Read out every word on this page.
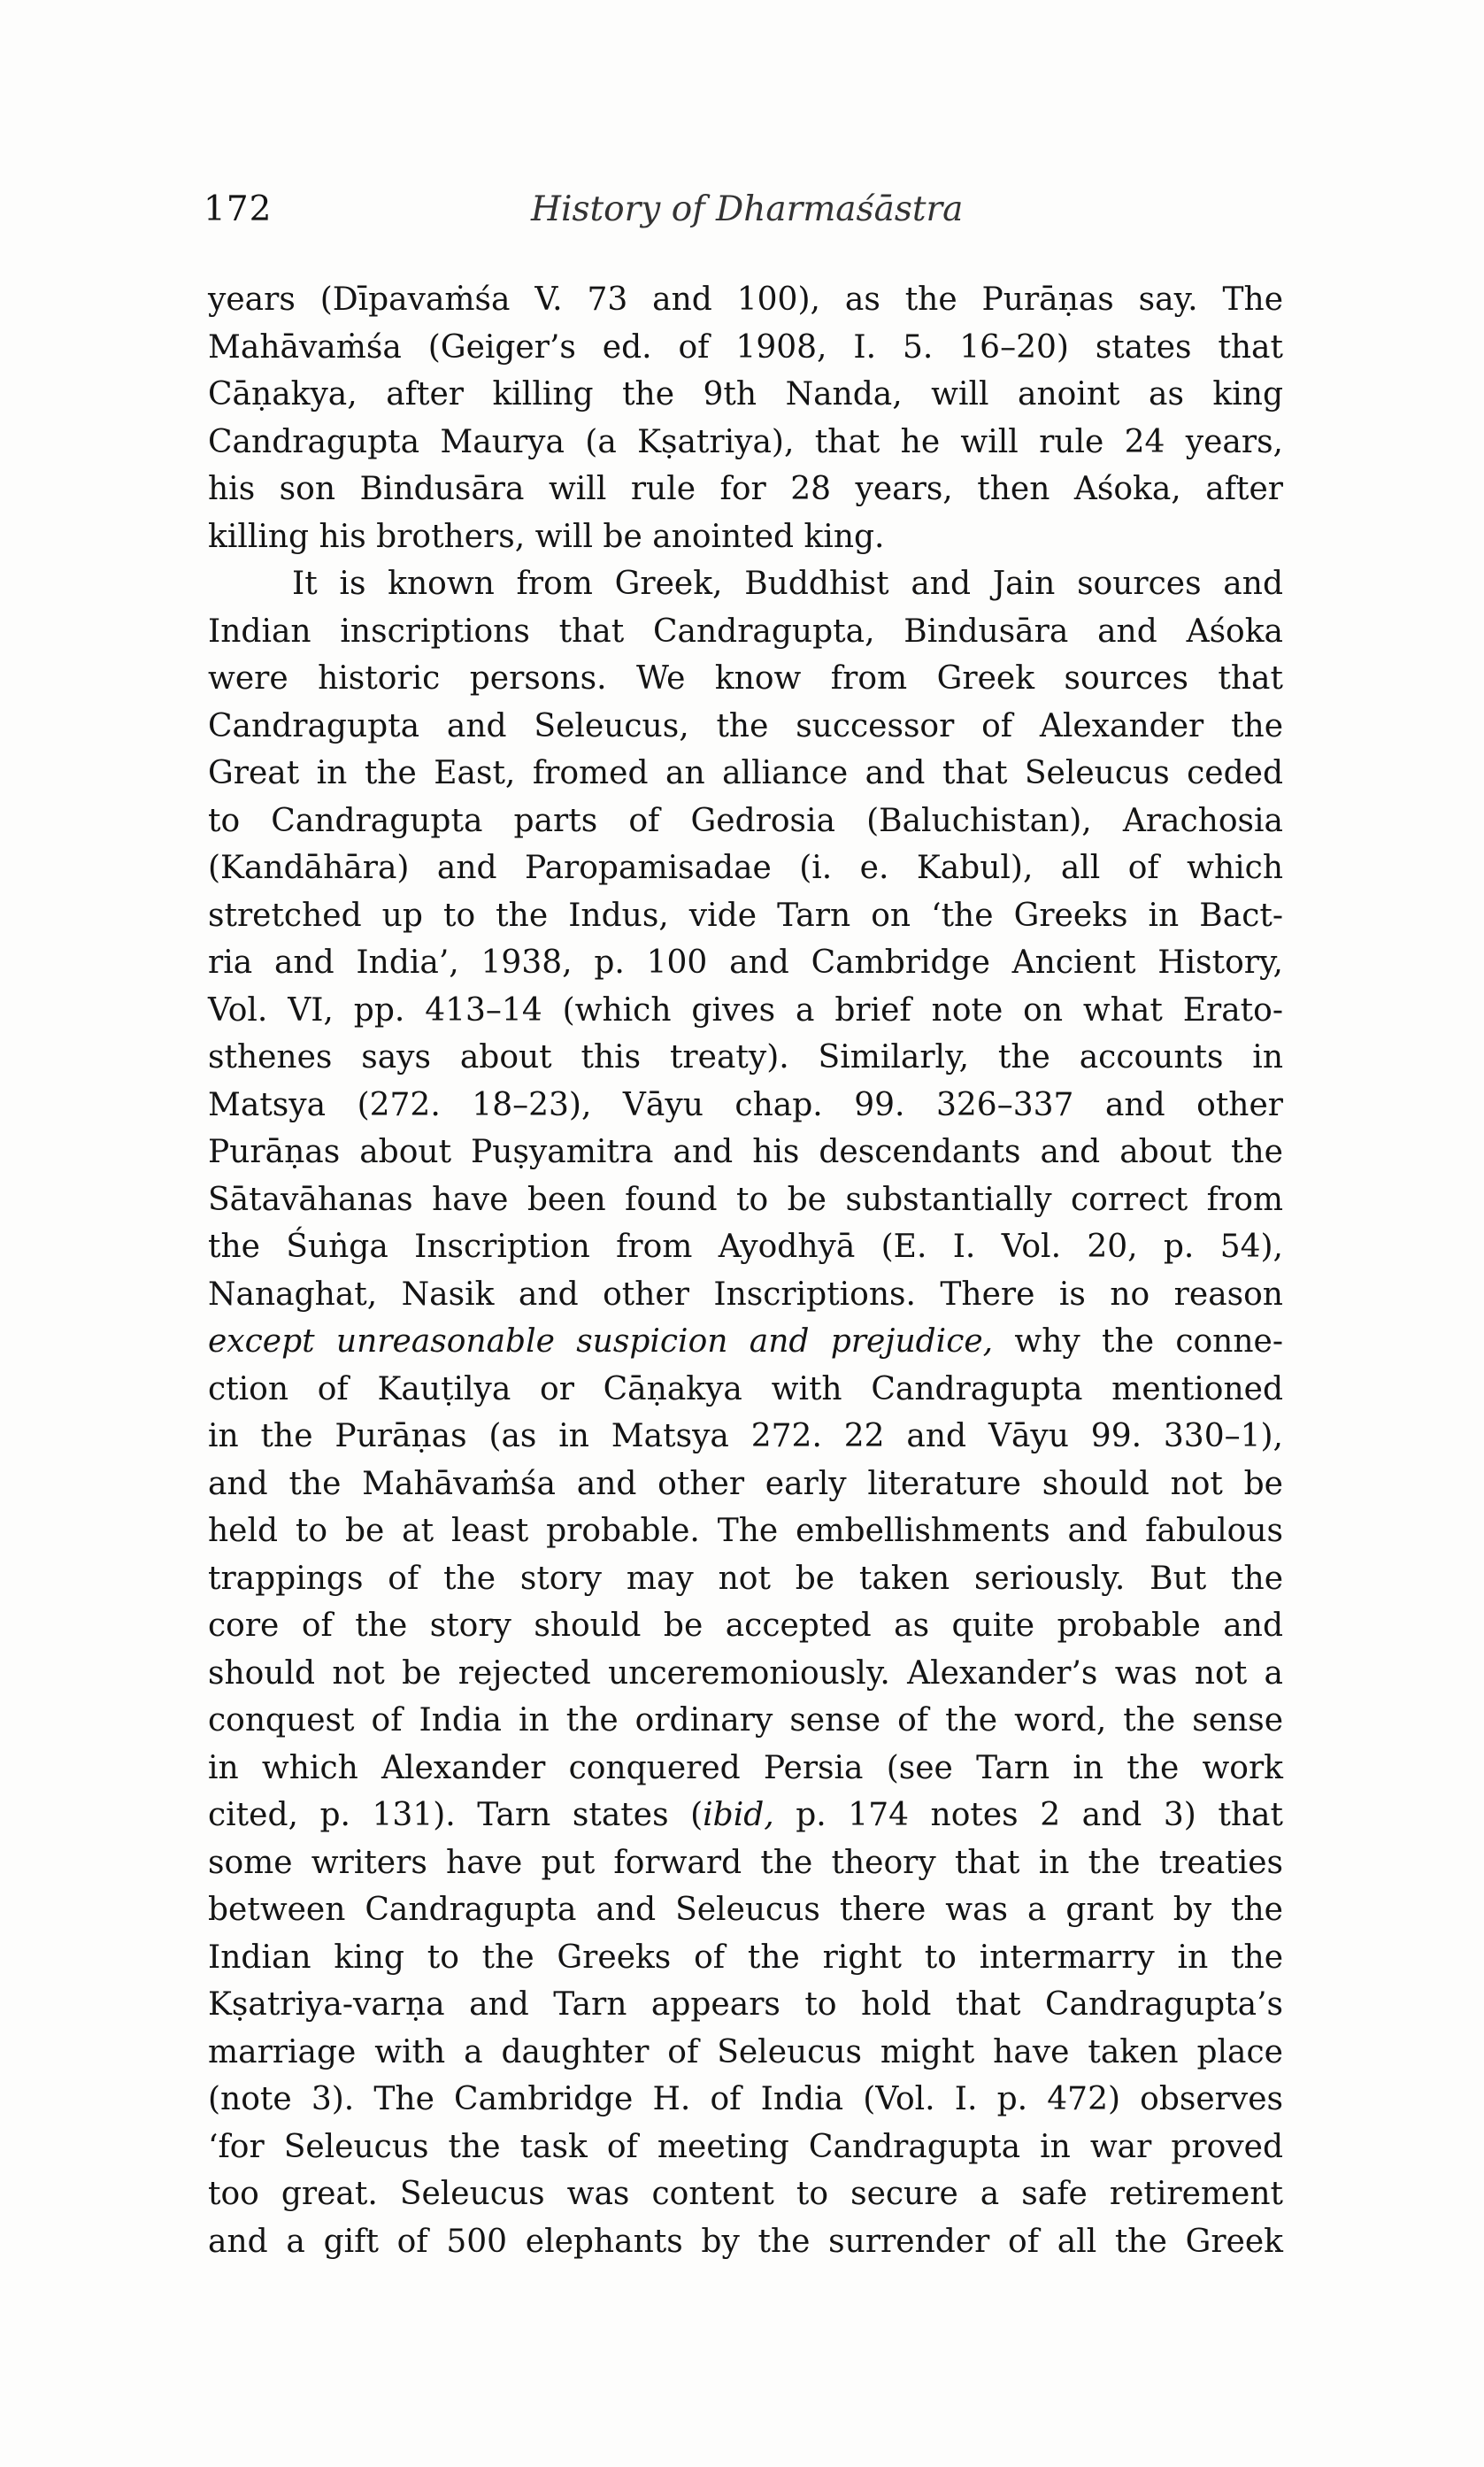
172	History of Dharmaśāstra
years (Dīpavaṁśa V. 73 and 100), as the Purāṇas say. The
Mahāvaṁśa (Geiger’s ed. of 1908, I. 5. 16–20) states that
Cāṇakya, after killing the 9th Nanda, will anoint as king
Candragupta Maurya (a Kṣatriya), that he will rule 24 years,
his son Bindusāra will rule for 28 years, then Aśoka, after
killing his brothers, will be anointed king.
It is known from Greek, Buddhist and Jain sources and
Indian inscriptions that Candragupta, Bindusāra and Aśoka
were historic persons. We know from Greek sources that
Candragupta and Seleucus, the successor of Alexander the
Great in the East, fromed an alliance and that Seleucus ceded
to Candragupta parts of Gedrosia (Baluchistan), Arachosia
(Kandāhāra) and Paropamisadae (i. e. Kabul), all of which
stretched up to the Indus, vide Tarn on ‘the Greeks in Bact-
ria and India’, 1938, p. 100 and Cambridge Ancient History,
Vol. VI, pp. 413–14 (which gives a brief note on what Erato-
sthenes says about this treaty). Similarly, the accounts in
Matsya (272. 18–23), Vāyu chap. 99. 326–337 and other
Purāṇas about Puṣyamitra and his descendants and about the
Sātavāhanas have been found to be substantially correct from
the Śuṅga Inscription from Ayodhyā (E. I. Vol. 20, p. 54),
Nanaghat, Nasik and other Inscriptions. There is no reason
except unreasonable suspicion and prejudice, why the conne-
ction of Kauṭilya or Cāṇakya with Candragupta mentioned
in the Purāṇas (as in Matsya 272. 22 and Vāyu 99. 330–1),
and the Mahāvaṁśa and other early literature should not be
held to be at least probable. The embellishments and fabulous
trappings of the story may not be taken seriously. But the
core of the story should be accepted as quite probable and
should not be rejected unceremoniously. Alexander’s was not a
conquest of India in the ordinary sense of the word, the sense
in which Alexander conquered Persia (see Tarn in the work
cited, p. 131). Tarn states (ibid, p. 174 notes 2 and 3) that
some writers have put forward the theory that in the treaties
between Candragupta and Seleucus there was a grant by the
Indian king to the Greeks of the right to intermarry in the
Kṣatriya-varṇa and Tarn appears to hold that Candragupta’s
marriage with a daughter of Seleucus might have taken place
(note 3). The Cambridge H. of India (Vol. I. p. 472) observes
‘for Seleucus the task of meeting Candragupta in war proved
too great. Seleucus was content to secure a safe retirement
and a gift of 500 elephants by the surrender of all the Greek
